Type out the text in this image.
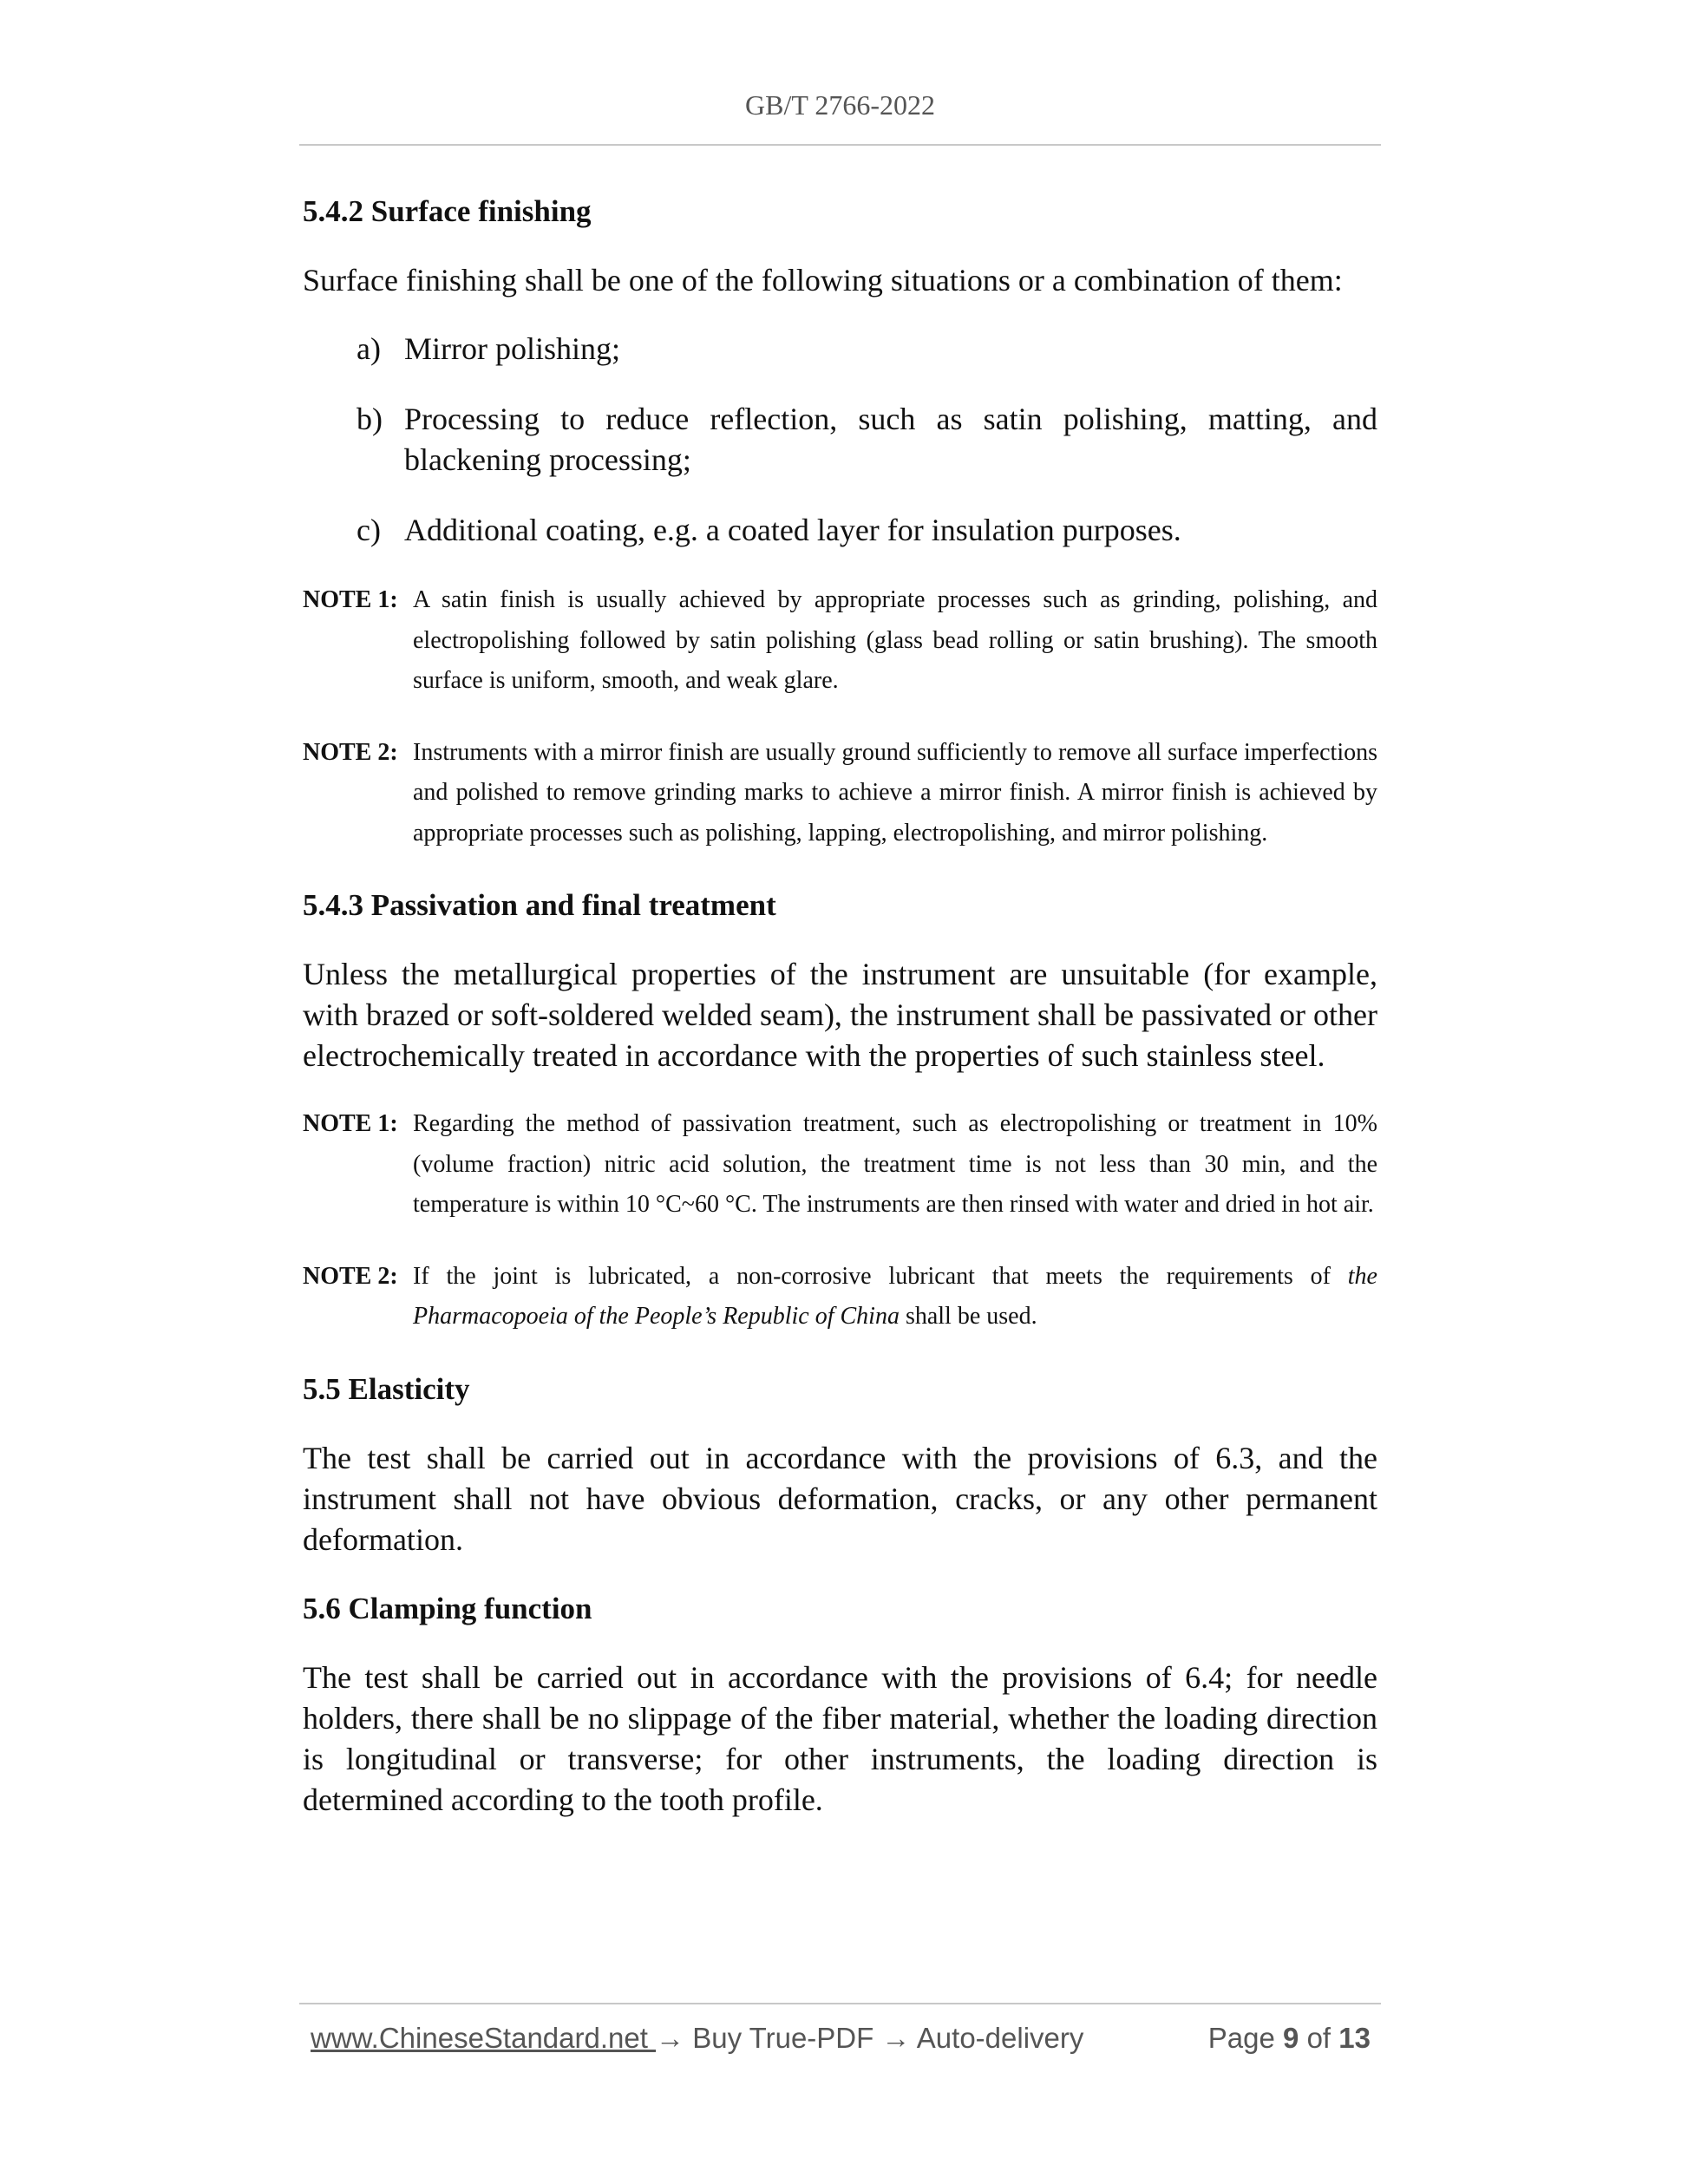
GB/T 2766-2022
5.4.2 Surface finishing

Surface finishing shall be one of the following situations or a combination of them:

a) Mirror polishing;
b) Processing to reduce reflection, such as satin polishing, matting, and blackening processing;
c) Additional coating, e.g. a coated layer for insulation purposes.
NOTE 1: A satin finish is usually achieved by appropriate processes such as grinding, polishing, and electropolishing followed by satin polishing (glass bead rolling or satin brushing). The smooth surface is uniform, smooth, and weak glare.
NOTE 2: Instruments with a mirror finish are usually ground sufficiently to remove all surface imperfections and polished to remove grinding marks to achieve a mirror finish. A mirror finish is achieved by appropriate processes such as polishing, lapping, electropolishing, and mirror polishing.
5.4.3 Passivation and final treatment

Unless the metallurgical properties of the instrument are unsuitable (for example, with brazed or soft-soldered welded seam), the instrument shall be passivated or other electrochemically treated in accordance with the properties of such stainless steel.

NOTE 1: Regarding the method of passivation treatment, such as electropolishing or treatment in 10% (volume fraction) nitric acid solution, the treatment time is not less than 30 min, and the temperature is within 10 °C~60 °C. The instruments are then rinsed with water and dried in hot air.
NOTE 2: If the joint is lubricated, a non-corrosive lubricant that meets the requirements of the Pharmacopoeia of the People’s Republic of China shall be used.
5.5 Elasticity

The test shall be carried out in accordance with the provisions of 6.3, and the instrument shall not have obvious deformation, cracks, or any other permanent deformation.

5.6 Clamping function

The test shall be carried out in accordance with the provisions of 6.4; for needle holders, there shall be no slippage of the fiber material, whether the loading direction is longitudinal or transverse; for other instruments, the loading direction is determined according to the tooth profile.

www.ChineseStandard.net → Buy True-PDF → Auto-delivery	Page 9 of 13
